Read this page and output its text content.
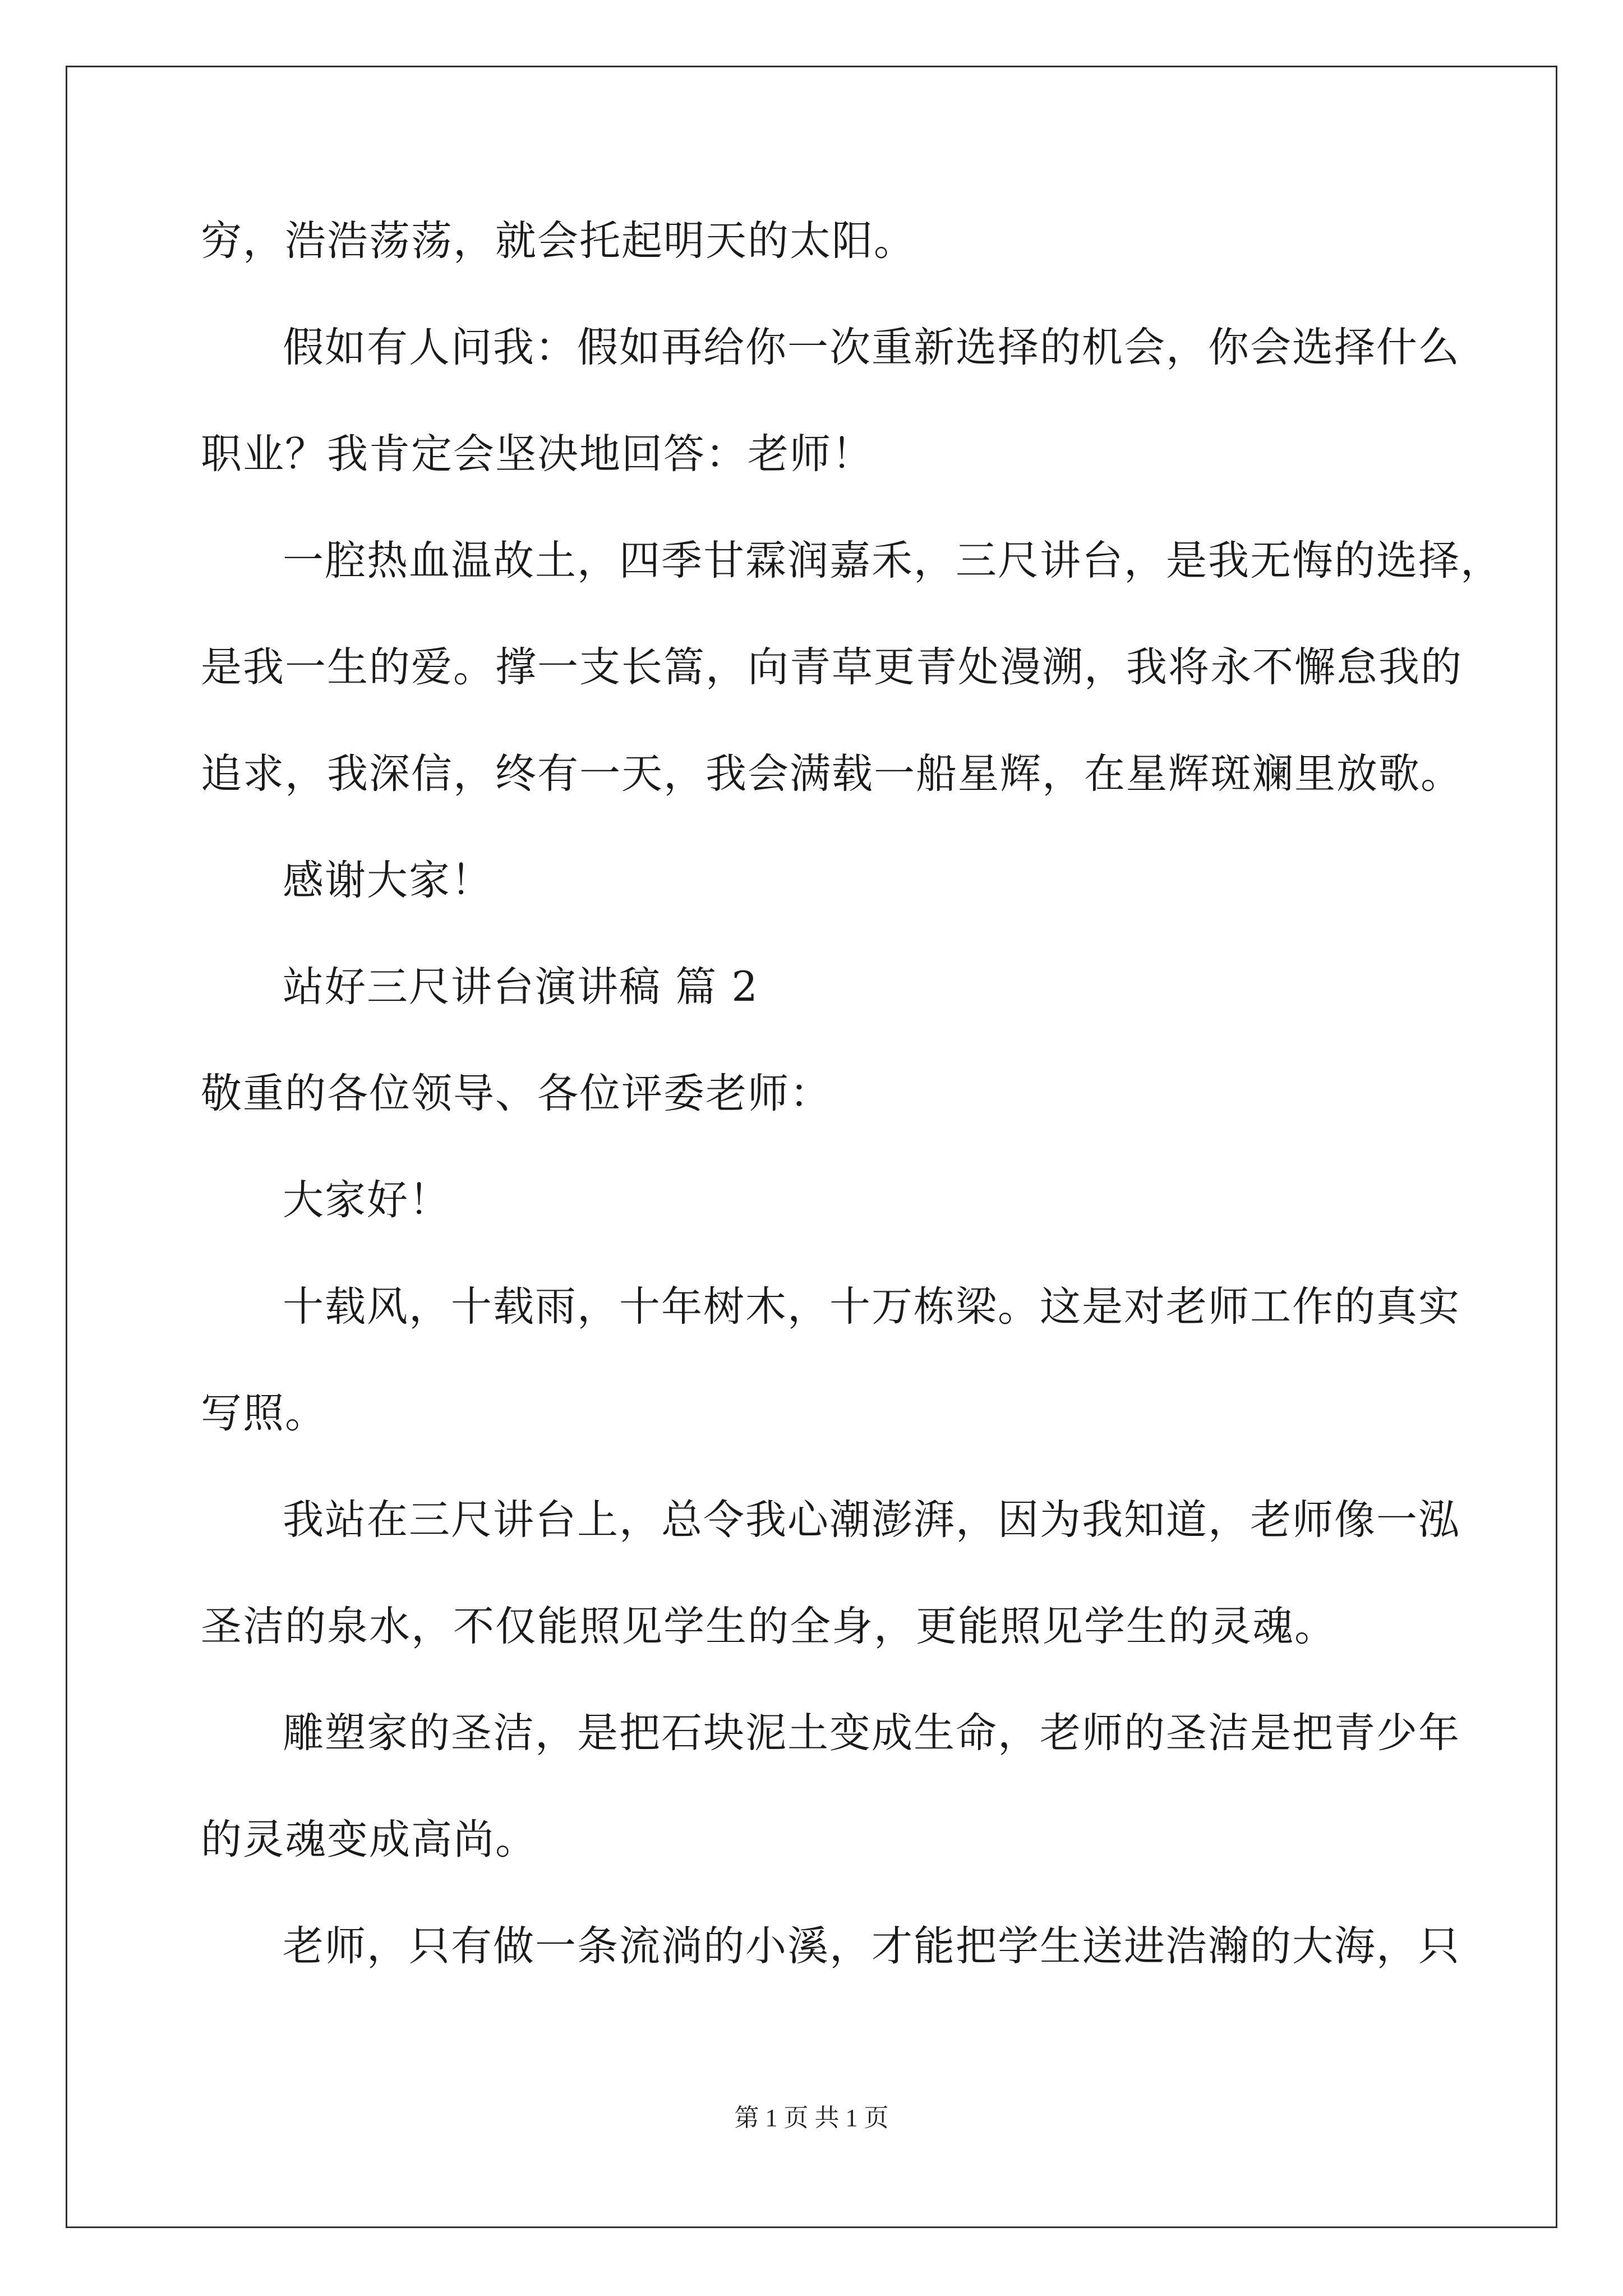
穷，浩浩荡荡，就会托起明天的太阳。
假如有人问我：假如再给你一次重新选择的机会，你会选择什么
职业？我肯定会坚决地回答：老师！
一腔热血温故土，四季甘霖润嘉禾，三尺讲台，是我无悔的选择，
是我一生的爱。撑一支长篙，向青草更青处漫溯，我将永不懈怠我的
追求，我深信，终有一天，我会满载一船星辉，在星辉斑斓里放歌。
感谢大家！
站好三尺讲台演讲稿 篇 2
敬重的各位领导、各位评委老师：
大家好！
十载风，十载雨，十年树木，十万栋梁。这是对老师工作的真实
写照。
我站在三尺讲台上，总令我心潮澎湃，因为我知道，老师像一泓
圣洁的泉水，不仅能照见学生的全身，更能照见学生的灵魂。
雕塑家的圣洁，是把石块泥土变成生命，老师的圣洁是把青少年
的灵魂变成高尚。
老师，只有做一条流淌的小溪，才能把学生送进浩瀚的大海，只
第 1 页 共 1 页
